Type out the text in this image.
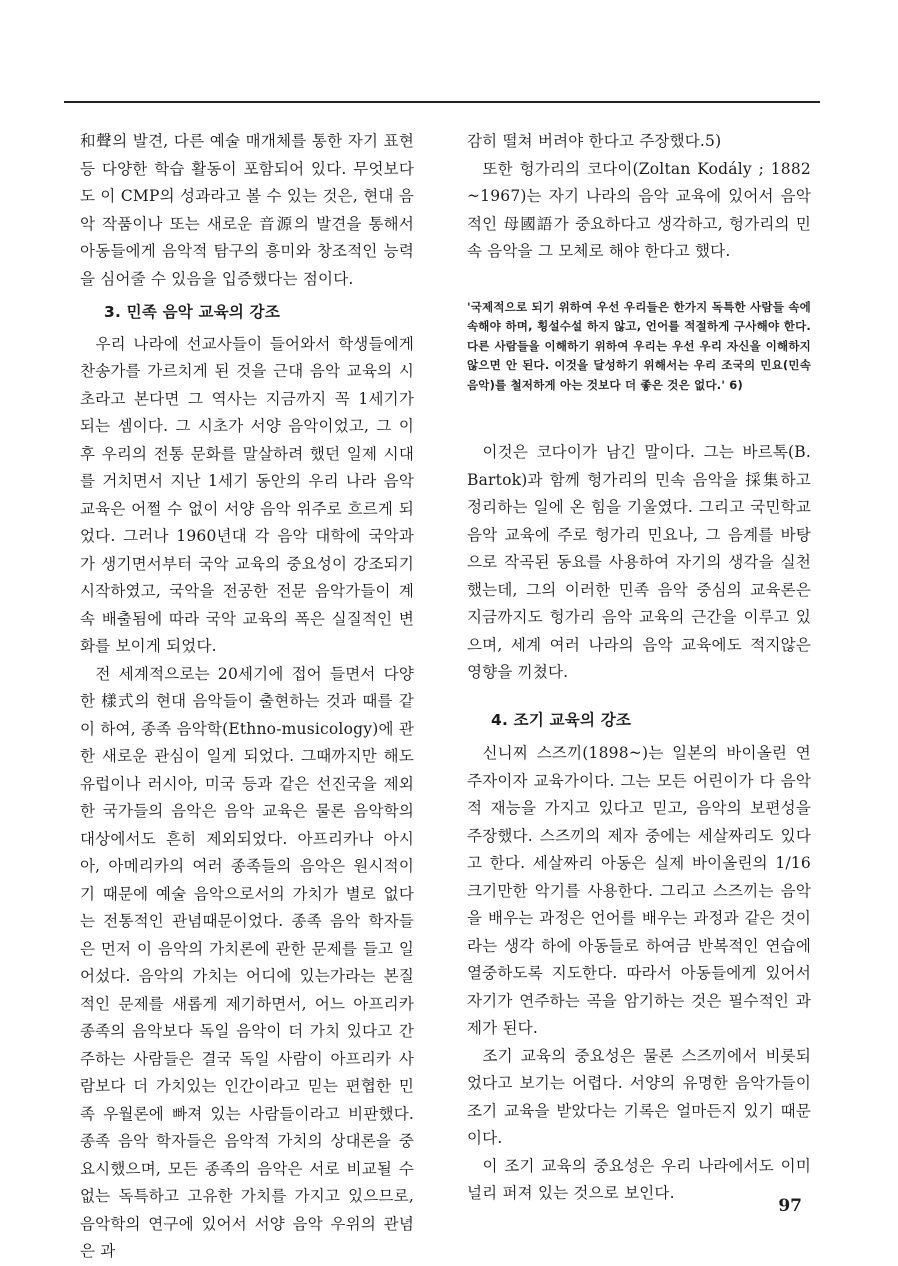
和聲의 발견, 다른 예술 매개체를 통한 자기 표현 등 다양한 학습 활동이 포함되어 있다. 무엇보다도 이 CMP의 성과라고 볼 수 있는 것은, 현대 음악 작품이나 또는 새로운 音源의 발견을 통해서 아동들에게 음악적 탐구의 흥미와 창조적인 능력을 심어줄 수 있음을 입증했다는 점이다.

3. 민족 음악 교육의 강조

우리 나라에 선교사들이 들어와서 학생들에게 찬송가를 가르치게 된 것을 근대 음악 교육의 시초라고 본다면 그 역사는 지금까지 꼭 1세기가 되는 셈이다. 그 시초가 서양 음악이었고, 그 이후 우리의 전통 문화를 말살하려 했던 일제 시대를 거치면서 지난 1세기 동안의 우리 나라 음악 교육은 어쩔 수 없이 서양 음악 위주로 흐르게 되었다. 그러나 1960년대 각 음악 대학에 국악과가 생기면서부터 국악 교육의 중요성이 강조되기 시작하였고, 국악을 전공한 전문 음악가들이 계속 배출됨에 따라 국악 교육의 폭은 실질적인 변화를 보이게 되었다.

전 세계적으로는 20세기에 접어 들면서 다양한 樣式의 현대 음악들이 출현하는 것과 때를 같이 하여, 종족 음악학(Ethno-musicology)에 관한 새로운 관심이 일게 되었다. 그때까지만 해도 유럽이나 러시아, 미국 등과 같은 선진국을 제외한 국가들의 음악은 음악 교육은 물론 음악학의 대상에서도 흔히 제외되었다. 아프리카나 아시아, 아메리카의 여러 종족들의 음악은 원시적이기 때문에 예술 음악으로서의 가치가 별로 없다는 전통적인 관념때문이었다. 종족 음악 학자들은 먼저 이 음악의 가치론에 관한 문제를 들고 일어섰다. 음악의 가치는 어디에 있는가라는 본질적인 문제를 새롭게 제기하면서, 어느 아프리카 종족의 음악보다 독일 음악이 더 가치 있다고 간주하는 사람들은 결국 독일 사람이 아프리카 사람보다 더 가치있는 인간이라고 믿는 편협한 민족 우월론에 빠져 있는 사람들이라고 비판했다. 종족 음악 학자들은 음악적 가치의 상대론을 중요시했으며, 모든 종족의 음악은 서로 비교될 수 없는 독특하고 고유한 가치를 가지고 있으므로, 음악학의 연구에 있어서 서양 음악 우위의 관념은 과

감히 떨쳐 버려야 한다고 주장했다.5)

또한 헝가리의 코다이(Zoltan Kodály ; 1882 ~1967)는 자기 나라의 음악 교육에 있어서 음악적인 母國語가 중요하다고 생각하고, 헝가리의 민속 음악을 그 모체로 해야 한다고 했다.

'국제적으로 되기 위하여 우선 우리들은 한가지 독특한 사람들 속에 속해야 하며, 횡설수설 하지 않고, 언어를 적절하게 구사해야 한다. 다른 사람들을 이해하기 위하여 우리는 우선 우리 자신을 이해하지 않으면 안 된다. 이것을 달성하기 위해서는 우리 조국의 민요(민속 음악)를 철저하게 아는 것보다 더 좋은 것은 없다.' 6)

이것은 코다이가 남긴 말이다. 그는 바르톡(B. Bartok)과 함께 헝가리의 민속 음악을 採集하고 정리하는 일에 온 힘을 기울였다. 그리고 국민학교 음악 교육에 주로 헝가리 민요나, 그 음계를 바탕으로 작곡된 동요를 사용하여 자기의 생각을 실천했는데, 그의 이러한 민족 음악 중심의 교육론은 지금까지도 헝가리 음악 교육의 근간을 이루고 있으며, 세계 여러 나라의 음악 교육에도 적지않은 영향을 끼쳤다.

4. 조기 교육의 강조

신니찌 스즈끼(1898~)는 일본의 바이올린 연주자이자 교육가이다. 그는 모든 어린이가 다 음악적 재능을 가지고 있다고 믿고, 음악의 보편성을 주장했다. 스즈끼의 제자 중에는 세살짜리도 있다고 한다. 세살짜리 아동은 실제 바이올린의 1/16 크기만한 악기를 사용한다. 그리고 스즈끼는 음악을 배우는 과정은 언어를 배우는 과정과 같은 것이라는 생각 하에 아동들로 하여금 반복적인 연습에 열중하도록 지도한다. 따라서 아동들에게 있어서 자기가 연주하는 곡을 암기하는 것은 필수적인 과제가 된다.

조기 교육의 중요성은 물론 스즈끼에서 비롯되었다고 보기는 어렵다. 서양의 유명한 음악가들이 조기 교육을 받았다는 기록은 얼마든지 있기 때문이다.

이 조기 교육의 중요성은 우리 나라에서도 이미 널리 퍼져 있는 것으로 보인다.

97
